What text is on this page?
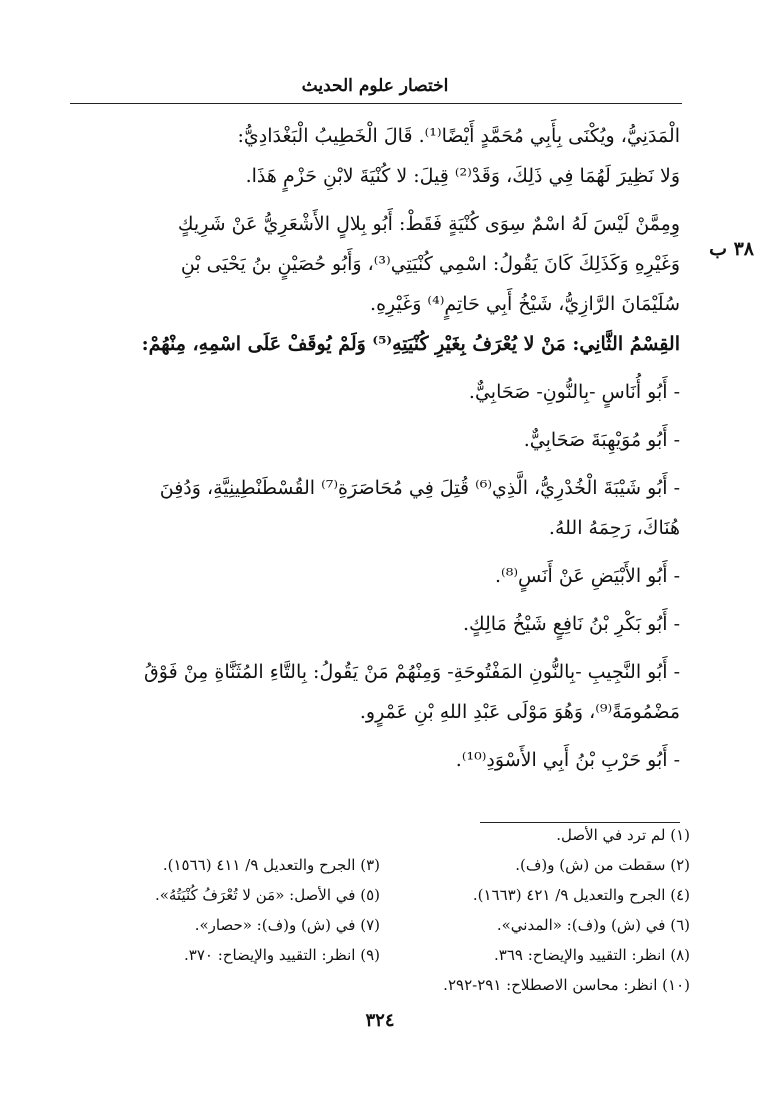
اختصار علوم الحديث
٣٨ ب
الْمَدَنِيُّ، ويُكْنَى بِأَبِي مُحَمَّدٍ أَيْضًا⁽¹⁾. قَالَ الْخَطِيبُ الْبَغْدَادِيُّ:
وَلا نَظِيرَ لَهُمَا فِي ذَلِكَ، وَقَدْ⁽²⁾ قِيلَ: لا كُنْيَةَ لابْنِ حَزْمٍ هَذَا.
وِمِمَّنْ لَيْسَ لَهُ اسْمٌ سِوَى كُنْيَةٍ فَقَطْ: أَبُو بِلالٍ الأَشْعَرِيُّ عَنْ شَرِيكٍ
وَغَيْرِهِ وَكَذَلِكَ كَانَ يَقُولُ: اسْمِي كُنْيَتِي⁽³⁾، وَأَبُو حُصَيْنٍ بنُ يَحْيَى بْنِ
سُلَيْمَانَ الرَّازِيُّ، شَيْخُ أَبِي حَاتِمٍ⁽⁴⁾ وَغَيْرِهِ.
القِسْمُ الثَّانِي: مَنْ لا يُعْرَفُ بِغَيْرِ كُنْيَتِهِ⁽⁵⁾ وَلَمْ يُوقَفْ عَلَى اسْمِهِ، مِنْهُمْ:
- أَبُو أُنَاسٍ -بِالنُّونِ- صَحَابِيٌّ.
- أَبُو مُوَيْهِبَةَ صَحَابِيٌّ.
- أَبُو شَيْبَةَ الْخُدْرِيُّ، الَّذِي⁽⁶⁾ قُتِلَ فِي مُحَاصَرَةِ⁽⁷⁾ القُسْطَنْطِينِيَّةِ، وَدُفِنَ
هُنَاكَ، رَحِمَهُ اللهُ.
- أَبُو الأَبْيَضِ عَنْ أَنَسٍ⁽⁸⁾.
- أَبُو بَكْرِ بْنُ نَافِعٍ شَيْخُ مَالِكٍ.
- أَبُو النَّجِيبِ -بِالنُّونِ المَفْتُوحَةِ- وَمِنْهُمْ مَنْ يَقُولُ: بِالتَّاءِ المُثَنَّاةِ مِنْ فَوْقُ
مَضْمُومَةً⁽⁹⁾، وَهُوَ مَوْلَى عَبْدِ اللهِ بْنِ عَمْرٍو.
- أَبُو حَرْبِ بْنُ أَبِي الأَسْوَدِ⁽¹⁰⁾.
(١) لم ترد في الأصل.
(٢) سقطت من (ش) و(ف).
(٣) الجرح والتعديل ٩/ ٤١١ (١٥٦٦).
(٤) الجرح والتعديل ٩/ ٤٢١ (١٦٦٣).
(٥) في الأصل: «مَن لا تُعْرَفُ كُنْيَتُهُ».
(٦) في (ش) و(ف): «المدني».
(٧) في (ش) و(ف): «حصار».
(٨) انظر: التقييد والإيضاح: ٣٦٩.
(٩) انظر: التقييد والإيضاح: ٣٧٠.
(١٠) انظر: محاسن الاصطلاح: ٢٩١-٢٩٢.
٣٢٤
